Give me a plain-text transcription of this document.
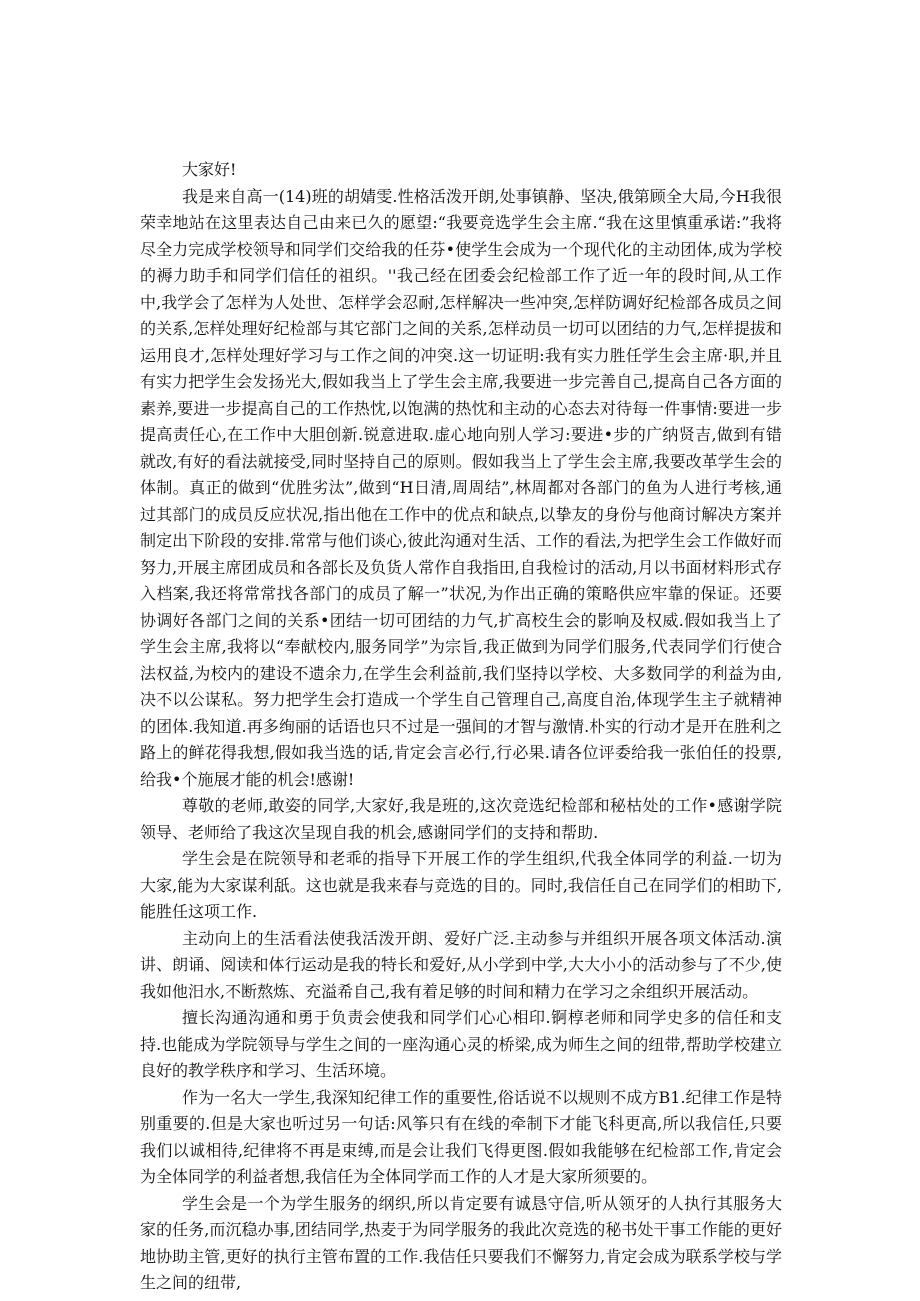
大家好!

我是来自高一(14)班的胡婧雯.性格活泼开朗,处事镇静、坚决,俄第顾全大局,今H我很荣幸地站在这里表达自己由来已久的愿望:“我要竞选学生会主席.“我在这里慎重承诺:”我将尽全力完成学校领导和同学们交给我的任芬•使学生会成为一个现代化的主动团体,成为学校的褥力助手和同学们信任的祖织。''我己经在团委会纪检部工作了近一年的段时间,从工作中,我学会了怎样为人处世、怎样学会忍耐,怎样解决一些冲突,怎样防调好纪检部各成员之间的关系,怎样处理好纪检部与其它部门之间的关系,怎样动员一切可以团结的力气,怎样提拔和运用良才,怎样处理好学习与工作之间的冲突.这一切证明:我有实力胜任学生会主席·职,并且有实力把学生会发扬光大,假如我当上了学生会主席,我要进一步完善自己,提高自己各方面的素养,要进一步提高自己的工作热忱,以饱满的热忱和主动的心态去对待每一件事情:要进一步提高责任心,在工作中大胆创新.锐意进取.虚心地向别人学习:要进•步的广纳贤吉,做到有错就改,有好的看法就接受,同时坚持自己的原则。假如我当上了学生会主席,我要改革学生会的体制。真正的做到“优胜劣汰”,做到“H日清,周周结”,林周都对各部门的鱼为人进行考核,通过其部门的成员反应状况,指出他在工作中的优点和缺点,以挚友的身份与他商讨解决方案并制定出下阶段的安排.常常与他们谈心,彼此沟通对生活、工作的看法,为把学生会工作做好而努力,开展主席团成员和各部长及负货人常作自我指田,自我检讨的活动,月以书面材料形式存入档案,我还将常常找各部门的成员了解一”状况,为作出正确的策略供应牢靠的保证。还要协调好各部门之间的关系•团结一切可团结的力气,扩高校生会的影响及权威.假如我当上了学生会主席,我将以“奉献校内,服务同学”为宗旨,我正做到为同学们服务,代表同学们行使合法权益,为校内的建设不遗余力,在学生会利益前,我们坚持以学校、大多数同学的利益为由,决不以公谋私。努力把学生会打造成一个学生自己管理自己,高度自治,体现学生主子就精神的团体.我知道.再多绚丽的话语也只不过是一强间的才智与激情.朴实的行动才是开在胜利之路上的鲜花得我想,假如我当选的话,肯定会言必行,行必果.请各位评委给我一张伯任的投票,给我•个施展才能的机会!感谢!

尊敬的老师,敢姿的同学,大家好,我是班的,这次竞选纪检部和秘枯处的工作•感谢学院领导、老师给了我这次呈现自我的机会,感谢同学们的支持和帮助.

学生会是在院领导和老乖的指导下开展工作的学生组织,代我全体同学的利益.一切为大家,能为大家谋利舐。这也就是我来春与竞选的目的。同时,我信任自己在同学们的相助下,能胜任这项工作.

主动向上的生活看法使我活泼开朗、爱好广泛.主动参与并组织开展各项文体活动.演讲、朗诵、阅读和体行运动是我的特长和爱好,从小学到中学,大大小小的活动参与了不少,使我如他汨水,不断熬炼、充溢希自己,我有着足够的时间和精力在学习之余组织开展活动。

擅长沟通沟通和勇于负责会使我和同学们心心相印.锕椁老师和同学史多的信任和支持.也能成为学院领导与学生之间的一座沟通心灵的桥梁,成为师生之间的纽带,帮助学校建立良好的教学秩序和学习、生活环境。

作为一名大一学生,我深知纪律工作的重要性,俗话说不以规则不成方B1.纪律工作是特别重要的.但是大家也听过另一句话:风筝只有在线的牵制下才能飞科更高,所以我信任,只要我们以诚相待,纪律将不再是束缚,而是会让我们飞得更图.假如我能够在纪检部工作,肯定会为全体同学的利益者想,我信任为全体同学而工作的人才是大家所须要的。

学生会是一个为学生服务的纲织,所以肯定要有诚恳守信,听从领牙的人执行其服务大家的任务,而沉稳办事,团结同学,热麦于为同学服务的我此次竞选的秘书处干事工作能的更好地协助主管,更好的执行主管布置的工作.我佶任只要我们不懈努力,肯定会成为联系学校与学生之间的纽带,
